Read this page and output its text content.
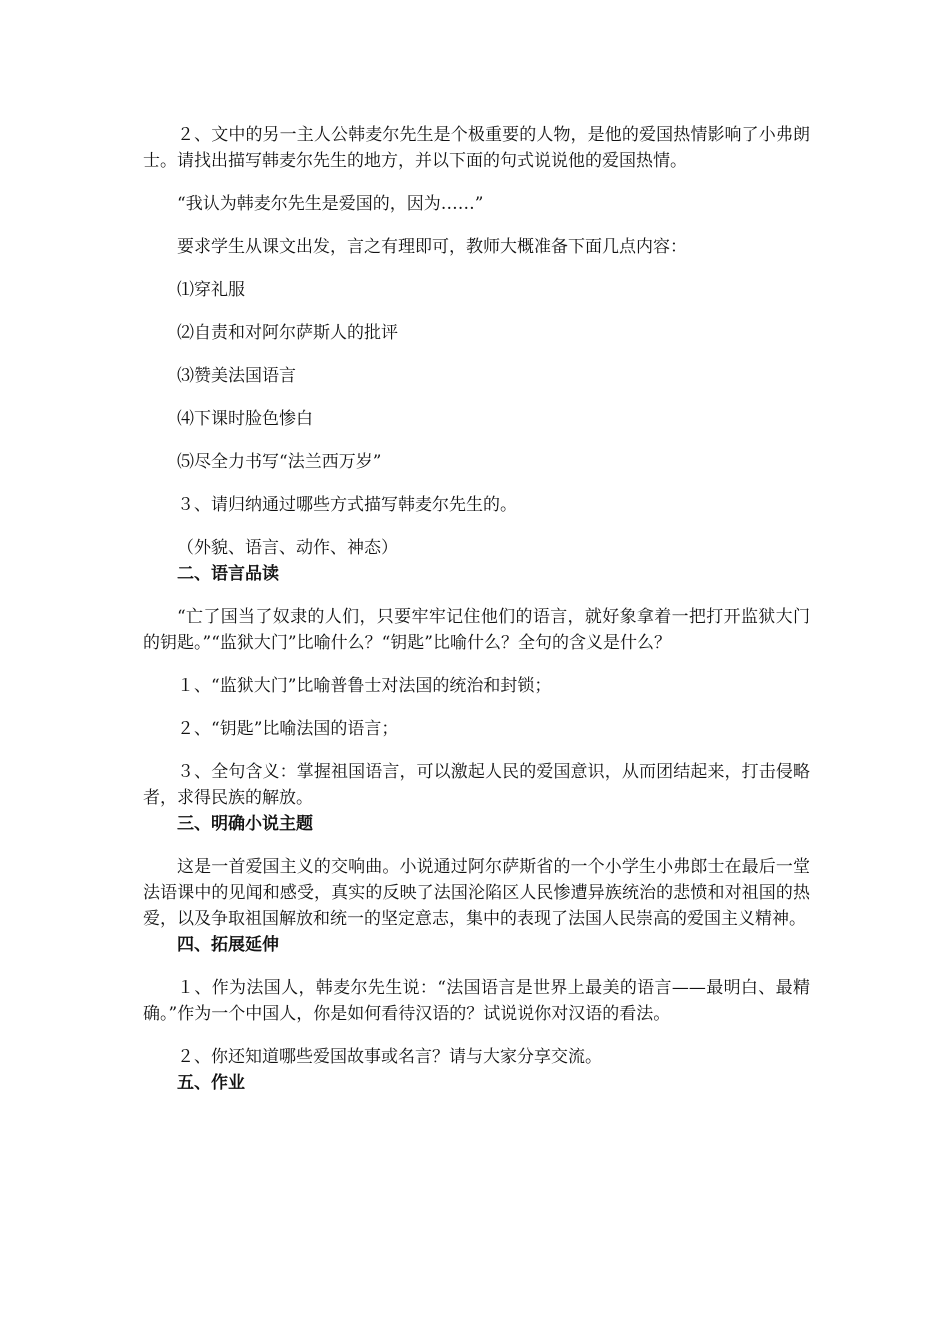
２、文中的另一主人公韩麦尔先生是个极重要的人物，是他的爱国热情影响了小弗朗士。请找出描写韩麦尔先生的地方，并以下面的句式说说他的爱国热情。

“我认为韩麦尔先生是爱国的，因为……”

要求学生从课文出发，言之有理即可，教师大概准备下面几点内容：

⑴穿礼服

⑵自责和对阿尔萨斯人的批评

⑶赞美法国语言

⑷下课时脸色惨白

⑸尽全力书写“法兰西万岁”

３、请归纳通过哪些方式描写韩麦尔先生的。

（外貌、语言、动作、神态）

二、语言品读

“亡了国当了奴隶的人们，只要牢牢记住他们的语言，就好象拿着一把打开监狱大门的钥匙。”“监狱大门”比喻什么？“钥匙”比喻什么？全句的含义是什么？

１、“监狱大门”比喻普鲁士对法国的统治和封锁；

２、“钥匙”比喻法国的语言；

３、全句含义：掌握祖国语言，可以激起人民的爱国意识，从而团结起来，打击侵略者，求得民族的解放。

三、明确小说主题

这是一首爱国主义的交响曲。小说通过阿尔萨斯省的一个小学生小弗郎士在最后一堂法语课中的见闻和感受，真实的反映了法国沦陷区人民惨遭异族统治的悲愤和对祖国的热爱，以及争取祖国解放和统一的坚定意志，集中的表现了法国人民崇高的爱国主义精神。

四、拓展延伸

１、作为法国人，韩麦尔先生说：“法国语言是世界上最美的语言——最明白、最精确。”作为一个中国人，你是如何看待汉语的？试说说你对汉语的看法。

２、你还知道哪些爱国故事或名言？请与大家分享交流。

五、作业
